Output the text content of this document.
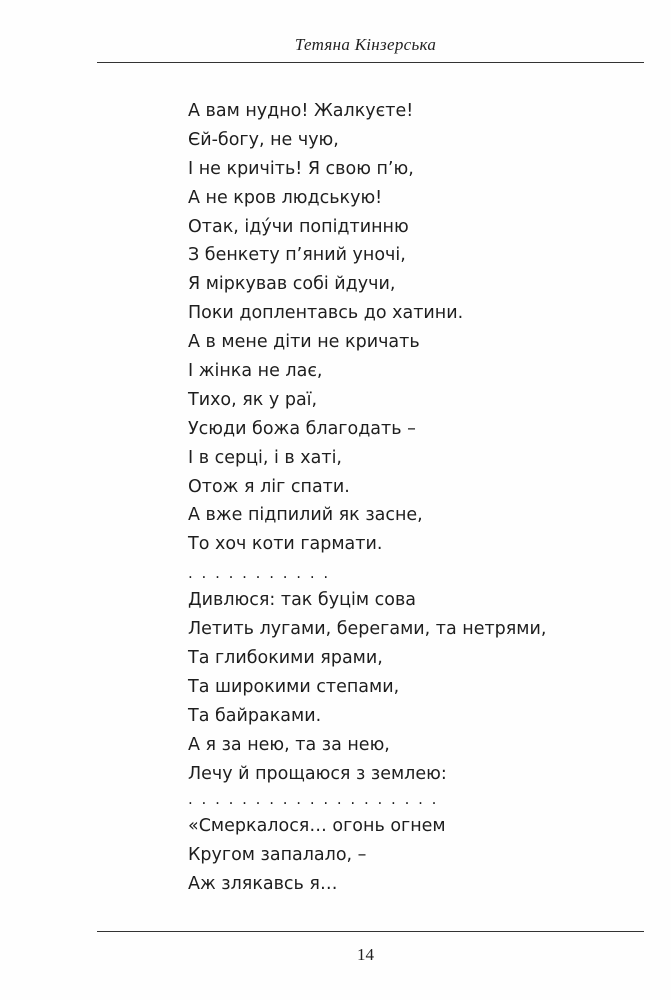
Тетяна Кінзерська
А вам нудно! Жалкуєте!
Єй-богу, не чую,
І не кричіть! Я свою п’ю,
А не кров людськую!
Отак, ідýчи попідтинню
З бенкету п’яний уночі,
Я міркував собі йдучи,
Поки доплентавсь до хатини.
А в мене діти не кричать
І жінка не лає,
Тихо, як у раї,
Усюди божа благодать –
І в серці, і в хаті,
Отож я ліг спати.
А вже підпилий як засне,
То хоч коти гармати.
. . . . . . . . . . .
Дивлюся: так буцім сова
Летить лугами, берегами, та нетрями,
Та глибокими ярами,
Та широкими степами,
Та байраками.
А я за нею, та за нею,
Лечу й прощаюся з землею:
. . . . . . . . . . . . . . . . . . .
«Смеркалося… огонь огнем
Кругом запалало, –
Аж злякавсь я…
14
